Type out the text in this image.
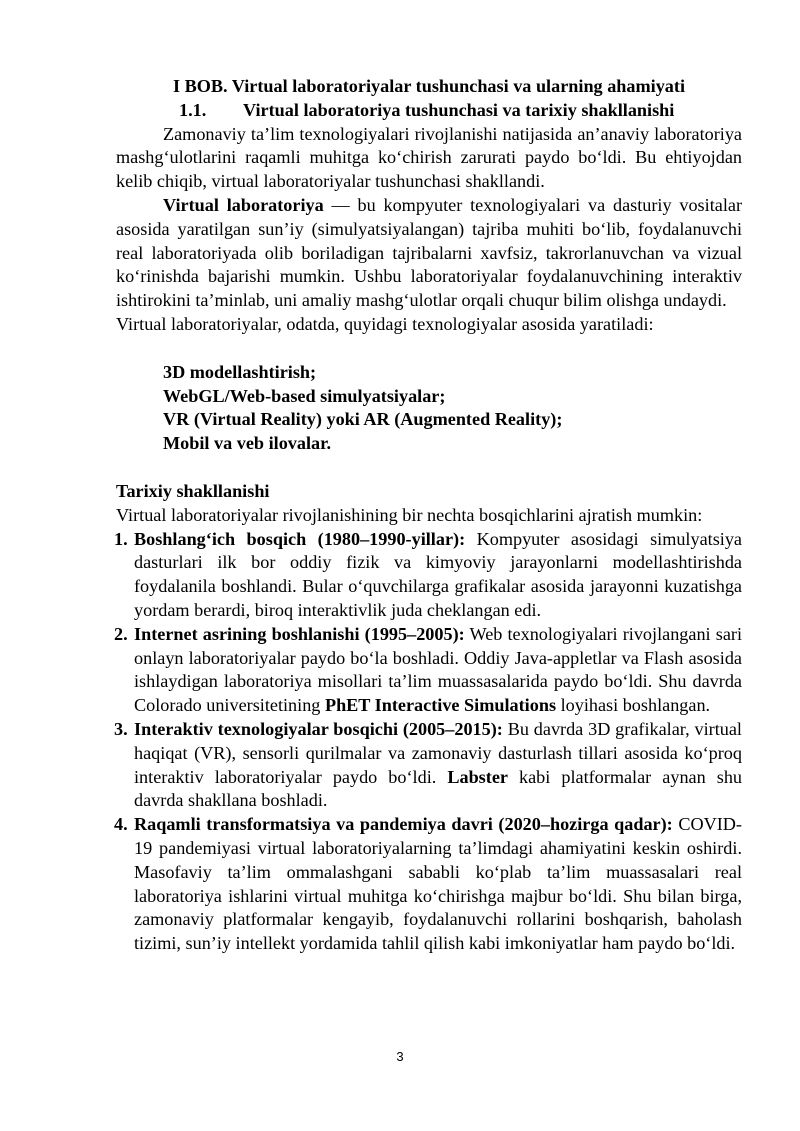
I BOB. Virtual laboratoriyalar tushunchasi va ularning ahamiyati

1.1. Virtual laboratoriya tushunchasi va tarixiy shakllanishi

Zamonaviy ta’lim texnologiyalari rivojlanishi natijasida an’anaviy laboratoriya mashg‘ulotlarini raqamli muhitga ko‘chirish zarurati paydo bo‘ldi. Bu ehtiyojdan kelib chiqib, virtual laboratoriyalar tushunchasi shakllandi.

Virtual laboratoriya — bu kompyuter texnologiyalari va dasturiy vositalar asosida yaratilgan sun’iy (simulyatsiyalangan) tajriba muhiti bo‘lib, foydalanuvchi real laboratoriyada olib boriladigan tajribalarni xavfsiz, takrorlanuvchan va vizual ko‘rinishda bajarishi mumkin. Ushbu laboratoriyalar foydalanuvchining interaktiv ishtirokini ta’minlab, uni amaliy mashg‘ulotlar orqali chuqur bilim olishga undaydi.

Virtual laboratoriyalar, odatda, quyidagi texnologiyalar asosida yaratiladi:

3D modellashtirish;
WebGL/Web-based simulyatsiyalar;
VR (Virtual Reality) yoki AR (Augmented Reality);
Mobil va veb ilovalar.

Tarixiy shakllanishi

Virtual laboratoriyalar rivojlanishining bir nechta bosqichlarini ajratish mumkin:

1. Boshlang‘ich bosqich (1980–1990-yillar): Kompyuter asosidagi simulyatsiya dasturlari ilk bor oddiy fizik va kimyoviy jarayonlarni modellashtirishda foydalanila boshlandi. Bular o‘quvchilarga grafikalar asosida jarayonni kuzatishga yordam berardi, biroq interaktivlik juda cheklangan edi.
2. Internet asrining boshlanishi (1995–2005): Web texnologiyalari rivojlangani sari onlayn laboratoriyalar paydo bo‘la boshladi. Oddiy Java-appletlar va Flash asosida ishlaydigan laboratoriya misollari ta’lim muassasalarida paydo bo‘ldi. Shu davrda Colorado universitetining PhET Interactive Simulations loyihasi boshlangan.
3. Interaktiv texnologiyalar bosqichi (2005–2015): Bu davrda 3D grafikalar, virtual haqiqat (VR), sensorli qurilmalar va zamonaviy dasturlash tillari asosida ko‘proq interaktiv laboratoriyalar paydo bo‘ldi. Labster kabi platformalar aynan shu davrda shakllana boshladi.
4. Raqamli transformatsiya va pandemiya davri (2020–hozirga qadar): COVID-19 pandemiyasi virtual laboratoriyalarning ta’limdagi ahamiyatini keskin oshirdi. Masofaviy ta’lim ommalashgani sababli ko‘plab ta’lim muassasalari real laboratoriya ishlarini virtual muhitga ko‘chirishga majbur bo‘ldi. Shu bilan birga, zamonaviy platformalar kengayib, foydalanuvchi rollarini boshqarish, baholash tizimi, sun’iy intellekt yordamida tahlil qilish kabi imkoniyatlar ham paydo bo‘ldi.
3
